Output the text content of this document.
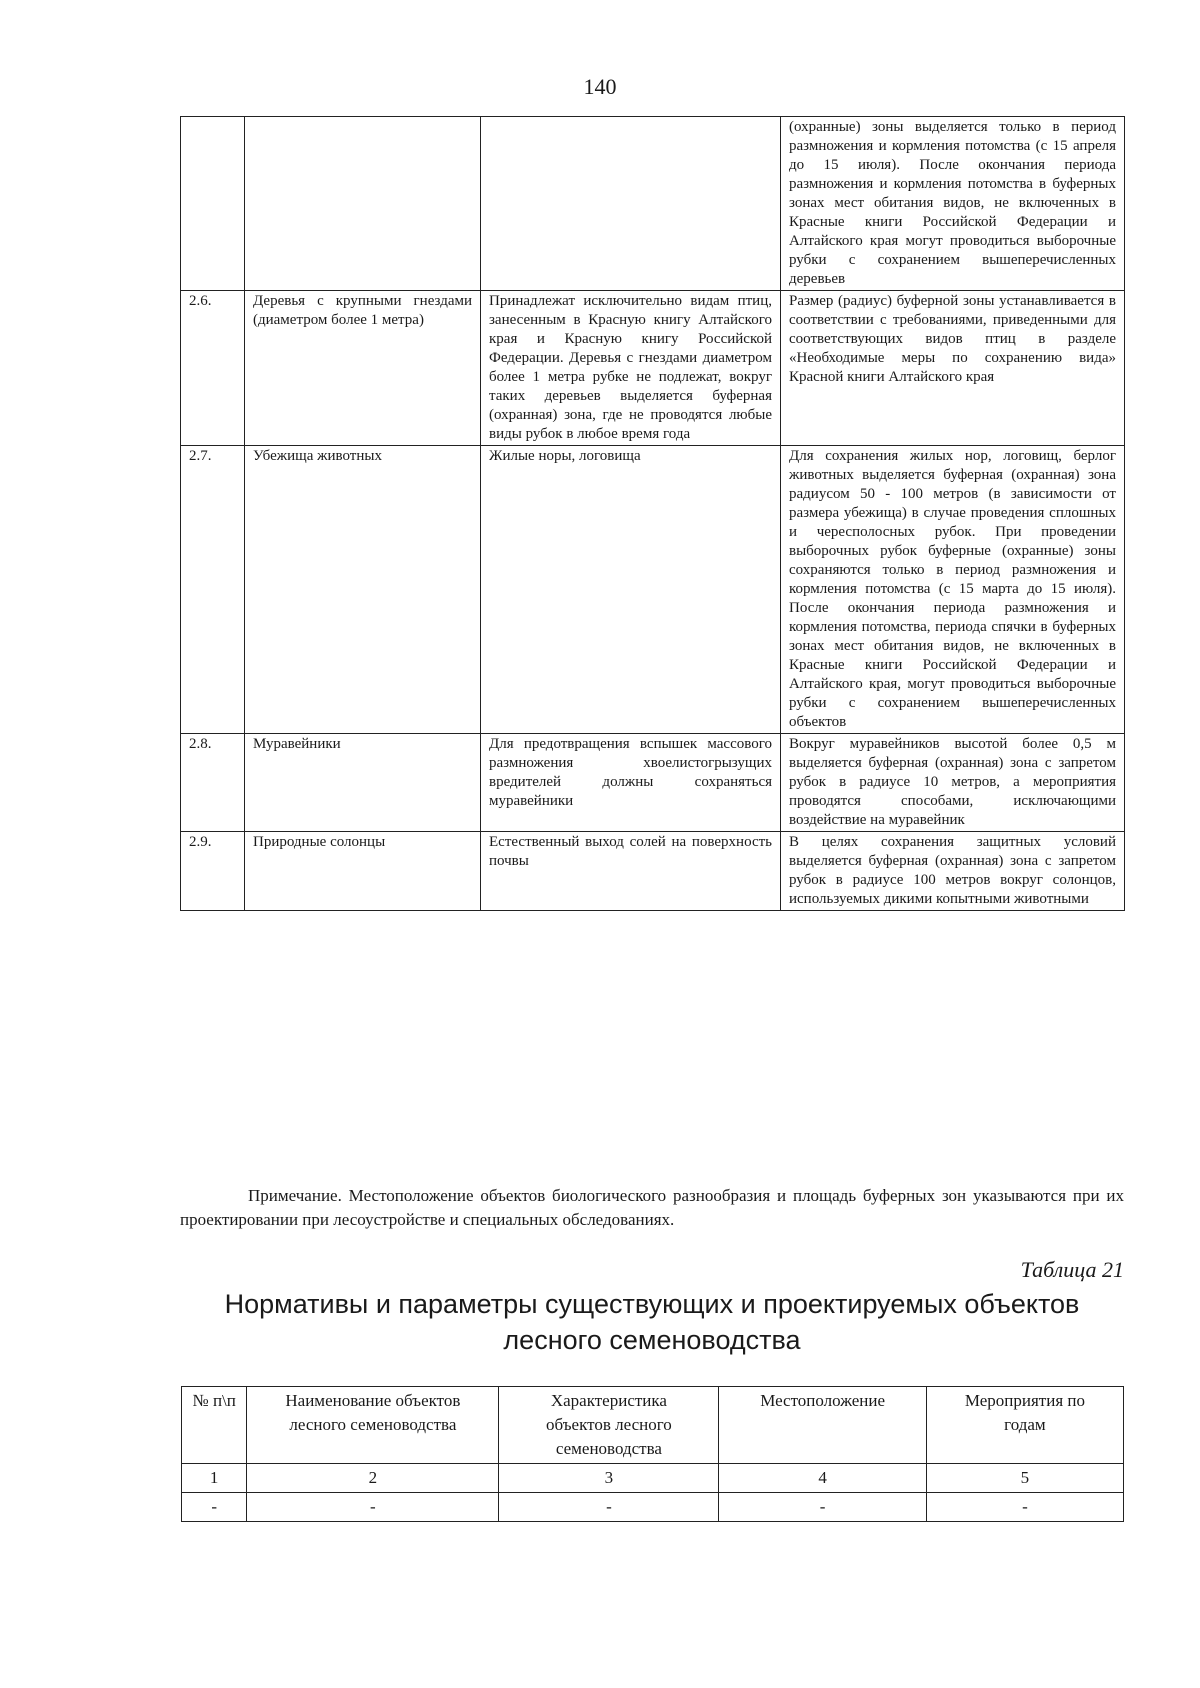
140
			(охранные) зоны выделяется только в период размножения и кормления потомства (с 15 апреля до 15 июля). После окончания периода размножения и кормления потомства в буферных зонах мест обитания видов, не включенных в Красные книги Российской Федерации и Алтайского края могут проводиться выборочные рубки с сохранением вышеперечисленных деревьев
2.6.	Деревья с крупными гнездами (диаметром более 1 метра)	Принадлежат исключительно видам птиц, занесенным в Красную книгу Алтайского края и Красную книгу Российской Федерации. Деревья с гнездами диаметром более 1 метра рубке не подлежат, вокруг таких деревьев выделяется буферная (охранная) зона, где не проводятся любые виды рубок в любое время года	Размер (радиус) буферной зоны устанавливается в соответствии с требованиями, приведенными для соответствующих видов птиц в разделе «Необходимые меры по сохранению вида» Красной книги Алтайского края
2.7.	Убежища животных	Жилые норы, логовища	Для сохранения жилых нор, логовищ, берлог животных выделяется буферная (охранная) зона радиусом 50 - 100 метров (в зависимости от размера убежища) в случае проведения сплошных и чересполосных рубок. При проведении выборочных рубок буферные (охранные) зоны сохраняются только в период размножения и кормления потомства (с 15 марта до 15 июля). После окончания периода размножения и кормления потомства, периода спячки в буферных зонах мест обитания видов, не включенных в Красные книги Российской Федерации и Алтайского края, могут проводиться выборочные рубки с сохранением вышеперечисленных объектов
2.8.	Муравейники	Для предотвращения вспышек массового размножения хвоелистогрызущих вредителей должны сохраняться муравейники	Вокруг муравейников высотой более 0,5 м выделяется буферная (охранная) зона с запретом рубок в радиусе 10 метров, а мероприятия проводятся способами, исключающими воздействие на муравейник
2.9.	Природные солонцы	Естественный выход солей на поверхность почвы	В целях сохранения защитных условий выделяется буферная (охранная) зона с запретом рубок в радиусе 100 метров вокруг солонцов, используемых дикими копытными животными
Примечание. Местоположение объектов биологического разнообразия и площадь буферных зон указываются при их проектировании при лесоустройстве и специальных обследованиях.
Таблица 21
Нормативы и параметры существующих и проектируемых объектов
лесного семеноводства
№ п\п	Наименование объектов лесного семеноводства	Характеристика объектов лесного семеноводства	Местоположение	Мероприятия по годам
1	2	3	4	5
-	-	-	-	-
